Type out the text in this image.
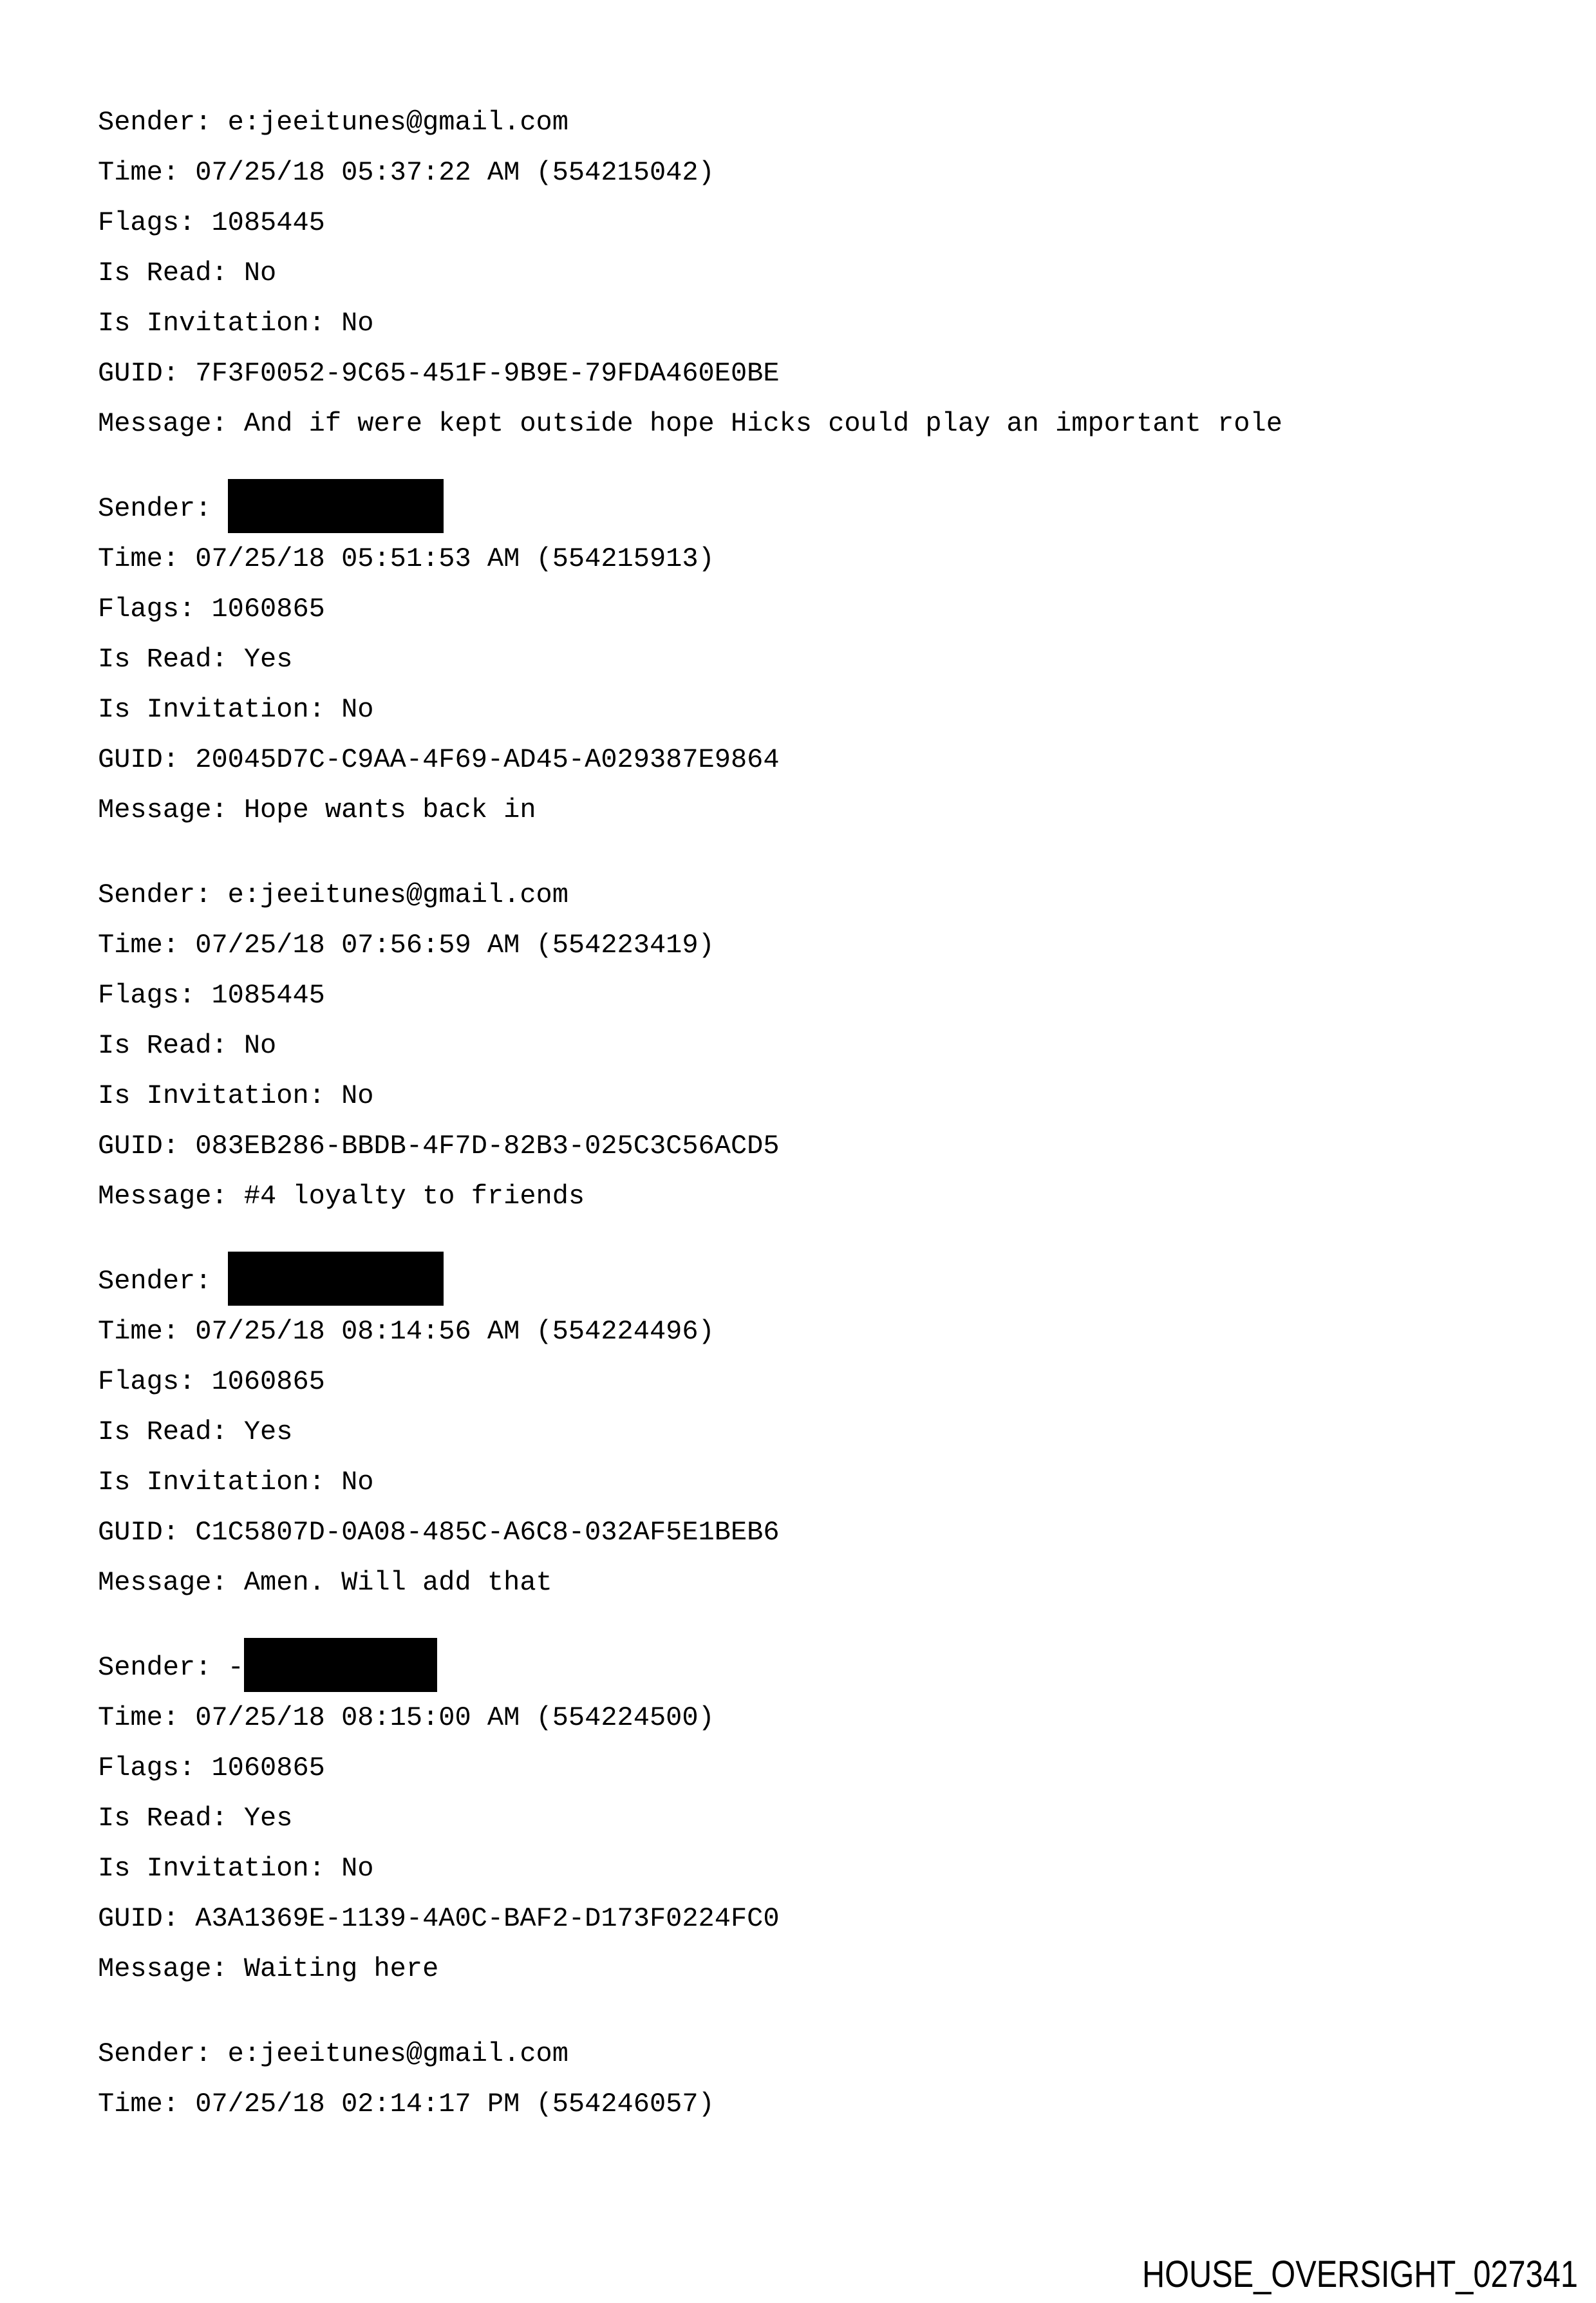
Sender: e:jeeitunes@gmail.com
Time: 07/25/18 05:37:22 AM (554215042)
Flags: 1085445
Is Read: No
Is Invitation: No
GUID: 7F3F0052-9C65-451F-9B9E-79FDA460E0BE
Message: And if were kept outside hope Hicks could play an important role
Sender:
Time: 07/25/18 05:51:53 AM (554215913)
Flags: 1060865
Is Read: Yes
Is Invitation: No
GUID: 20045D7C-C9AA-4F69-AD45-A029387E9864
Message: Hope wants back in
Sender: e:jeeitunes@gmail.com
Time: 07/25/18 07:56:59 AM (554223419)
Flags: 1085445
Is Read: No
Is Invitation: No
GUID: 083EB286-BBDB-4F7D-82B3-025C3C56ACD5
Message: #4 loyalty to friends
Sender:
Time: 07/25/18 08:14:56 AM (554224496)
Flags: 1060865
Is Read: Yes
Is Invitation: No
GUID: C1C5807D-0A08-485C-A6C8-032AF5E1BEB6
Message: Amen. Will add that
Sender: -
Time: 07/25/18 08:15:00 AM (554224500)
Flags: 1060865
Is Read: Yes
Is Invitation: No
GUID: A3A1369E-1139-4A0C-BAF2-D173F0224FC0
Message: Waiting here
Sender: e:jeeitunes@gmail.com
Time: 07/25/18 02:14:17 PM (554246057)
HOUSE_OVERSIGHT_027341
